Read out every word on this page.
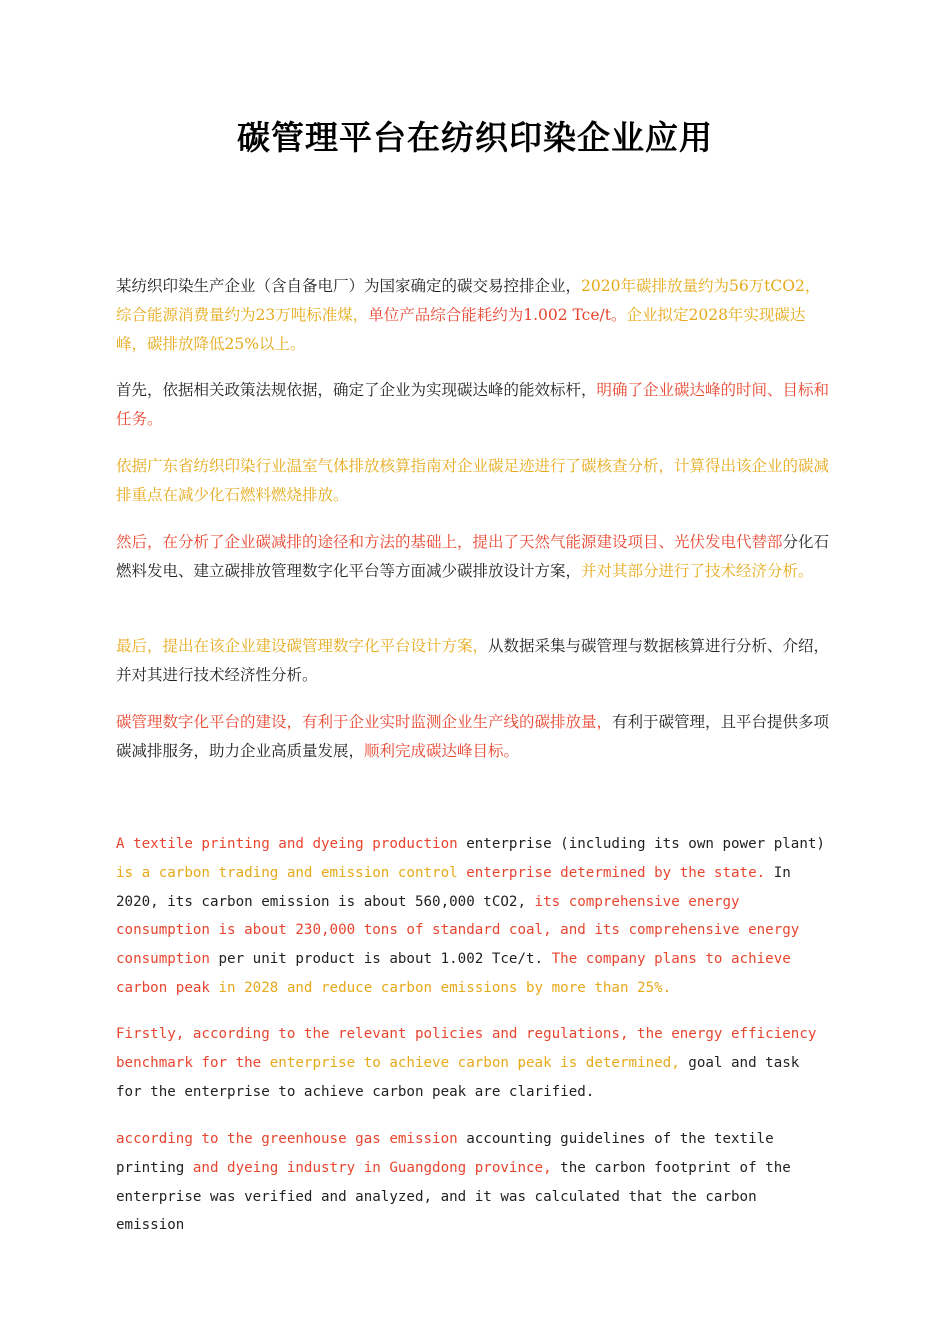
碳管理平台在纺织印染企业应用

某纺织印染生产企业（含自备电厂）为国家确定的碳交易控排企业，2020年碳排放量约为56万tCO2，综合能源消费量约为23万吨标准煤，单位产品综合能耗约为1.002 Tce/t。企业拟定2028年实现碳达峰，碳排放降低25%以上。

首先，依据相关政策法规依据，确定了企业为实现碳达峰的能效标杆，明确了企业碳达峰的时间、目标和任务。

依据广东省纺织印染行业温室气体排放核算指南对企业碳足迹进行了碳核查分析，计算得出该企业的碳减排重点在减少化石燃料燃烧排放。

然后，在分析了企业碳减排的途径和方法的基础上，提出了天然气能源建设项目、光伏发电代替部分化石燃料发电、建立碳排放管理数字化平台等方面减少碳排放设计方案，并对其部分进行了技术经济分析。

最后，提出在该企业建设碳管理数字化平台设计方案，从数据采集与碳管理与数据核算进行分析、介绍，并对其进行技术经济性分析。

碳管理数字化平台的建设，有利于企业实时监测企业生产线的碳排放量，有利于碳管理，且平台提供多项碳减排服务，助力企业高质量发展，顺利完成碳达峰目标。

A textile printing and dyeing production enterprise (including its own power plant) is a carbon trading and emission control enterprise determined by the state. In 2020, its carbon emission is about 560,000 tCO2, its comprehensive energy consumption is about 230,000 tons of standard coal, and its comprehensive energy consumption per unit product is about 1.002 Tce/t. The company plans to achieve carbon peak in 2028 and reduce carbon emissions by more than 25%.

Firstly, according to the relevant policies and regulations, the energy efficiency benchmark for the enterprise to achieve carbon peak is determined, goal and task for the enterprise to achieve carbon peak are clarified.

according to the greenhouse gas emission accounting guidelines of the textile printing and dyeing industry in Guangdong province, the carbon footprint of the enterprise was verified and analyzed, and it was calculated that the carbon emission
